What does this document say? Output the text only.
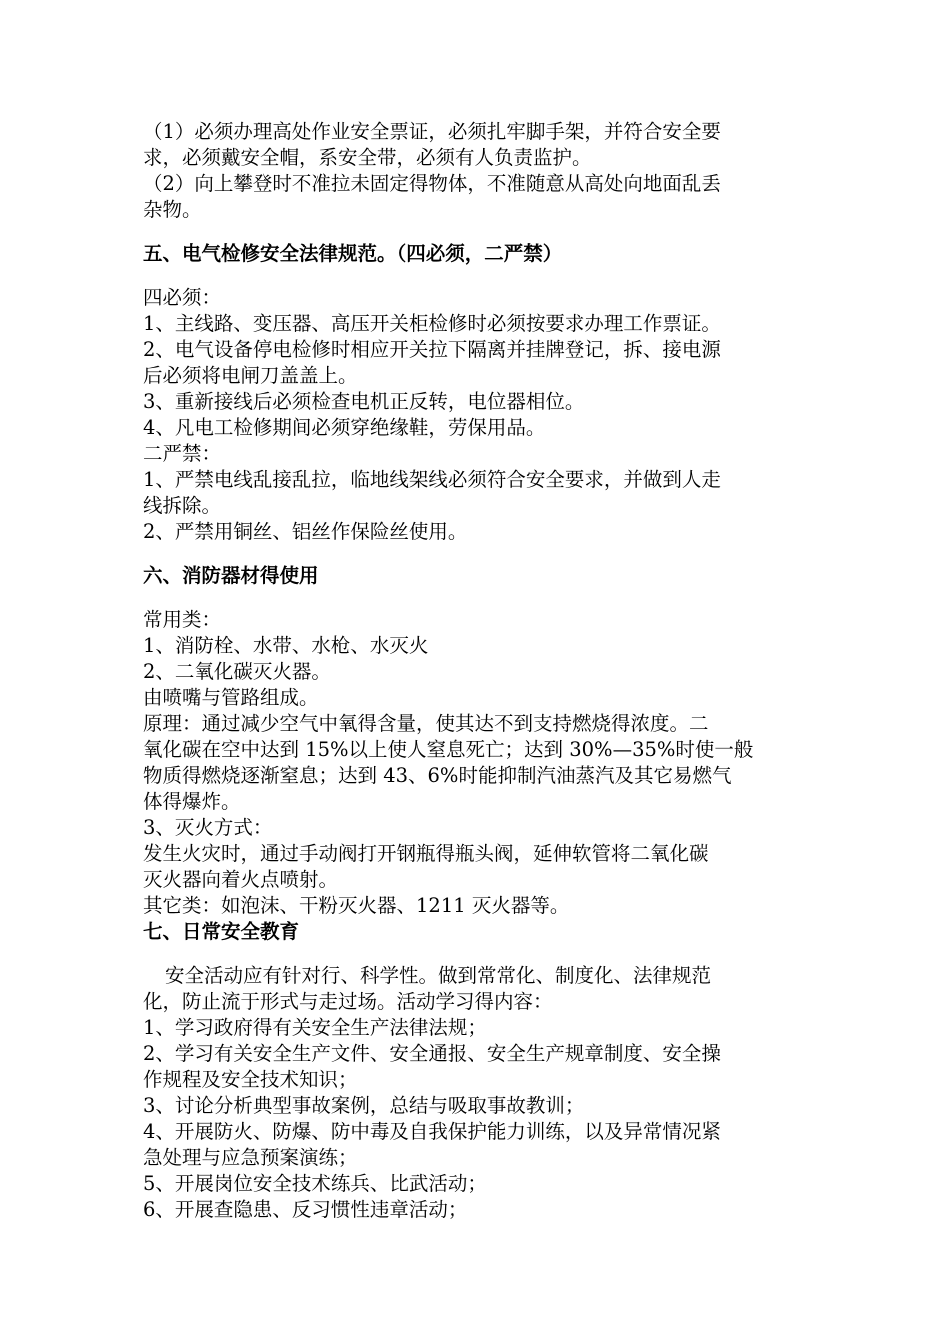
（1）必须办理高处作业安全票证，必须扎牢脚手架，并符合安全要
求，必须戴安全帽，系安全带，必须有人负责监护。
（2）向上攀登时不准拉未固定得物体，不准随意从高处向地面乱丢
杂物。
五、电气检修安全法律规范。（四必须，二严禁）
四必须：
1、主线路、变压器、高压开关柜检修时必须按要求办理工作票证。
2、电气设备停电检修时相应开关拉下隔离并挂牌登记，拆、接电源
后必须将电闸刀盖盖上。
3、重新接线后必须检查电机正反转，电位器相位。
4、凡电工检修期间必须穿绝缘鞋，劳保用品。
二严禁：
1、严禁电线乱接乱拉，临地线架线必须符合安全要求，并做到人走
线拆除。
2、严禁用铜丝、铝丝作保险丝使用。
六、消防器材得使用
常用类：
1、消防栓、水带、水枪、水灭火
2、二氧化碳灭火器。
由喷嘴与管路组成。
原理：通过减少空气中氧得含量，使其达不到支持燃烧得浓度。二
氧化碳在空中达到 15%以上使人窒息死亡；达到 30%—35%时使一般
物质得燃烧逐渐窒息；达到 43、6%时能抑制汽油蒸汽及其它易燃气
体得爆炸。
3、灭火方式：
发生火灾时，通过手动阀打开钢瓶得瓶头阀，延伸软管将二氧化碳
灭火器向着火点喷射。
其它类：如泡沫、干粉灭火器、1211 灭火器等。
七、日常安全教育
安全活动应有针对行、科学性。做到常常化、制度化、法律规范
化，防止流于形式与走过场。活动学习得内容：
1、学习政府得有关安全生产法律法规；
2、学习有关安全生产文件、安全通报、安全生产规章制度、安全操
作规程及安全技术知识；
3、讨论分析典型事故案例，总结与吸取事故教训；
4、开展防火、防爆、防中毒及自我保护能力训练，以及异常情况紧
急处理与应急预案演练；
5、开展岗位安全技术练兵、比武活动；
6、开展查隐患、反习惯性违章活动；
